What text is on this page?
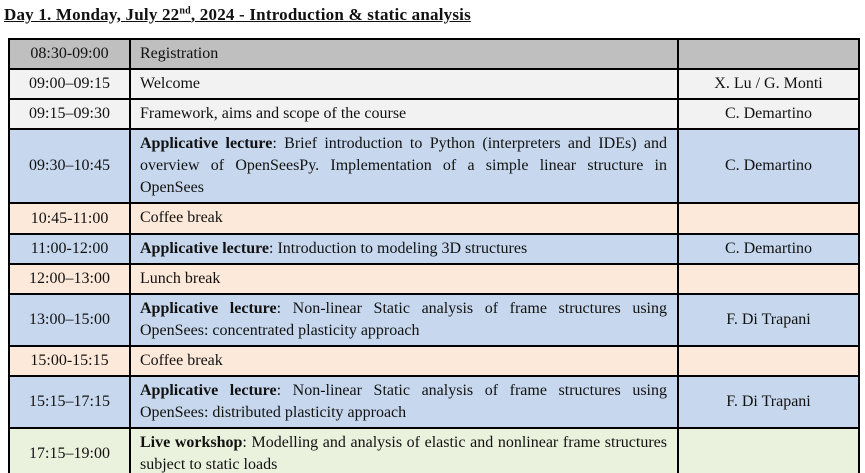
Day 1. Monday, July 22nd, 2024 - Introduction & static analysis
08:30-09:00	Registration	
09:00–09:15	Welcome	X. Lu / G. Monti
09:15–09:30	Framework, aims and scope of the course	C. Demartino
09:30–10:45	Applicative lecture: Brief introduction to Python (interpreters and IDEs) and overview of OpenSeesPy. Implementation of a simple linear structure in OpenSees	C. Demartino
10:45-11:00	Coffee break	
11:00-12:00	Applicative lecture: Introduction to modeling 3D structures	C. Demartino
12:00–13:00	Lunch break	
13:00–15:00	Applicative lecture: Non-linear Static analysis of frame structures using OpenSees: concentrated plasticity approach	F. Di Trapani
15:00-15:15	Coffee break	
15:15–17:15	Applicative lecture: Non-linear Static analysis of frame structures using OpenSees: distributed plasticity approach	F. Di Trapani
17:15–19:00	Live workshop: Modelling and analysis of elastic and nonlinear frame structures subject to static loads	
